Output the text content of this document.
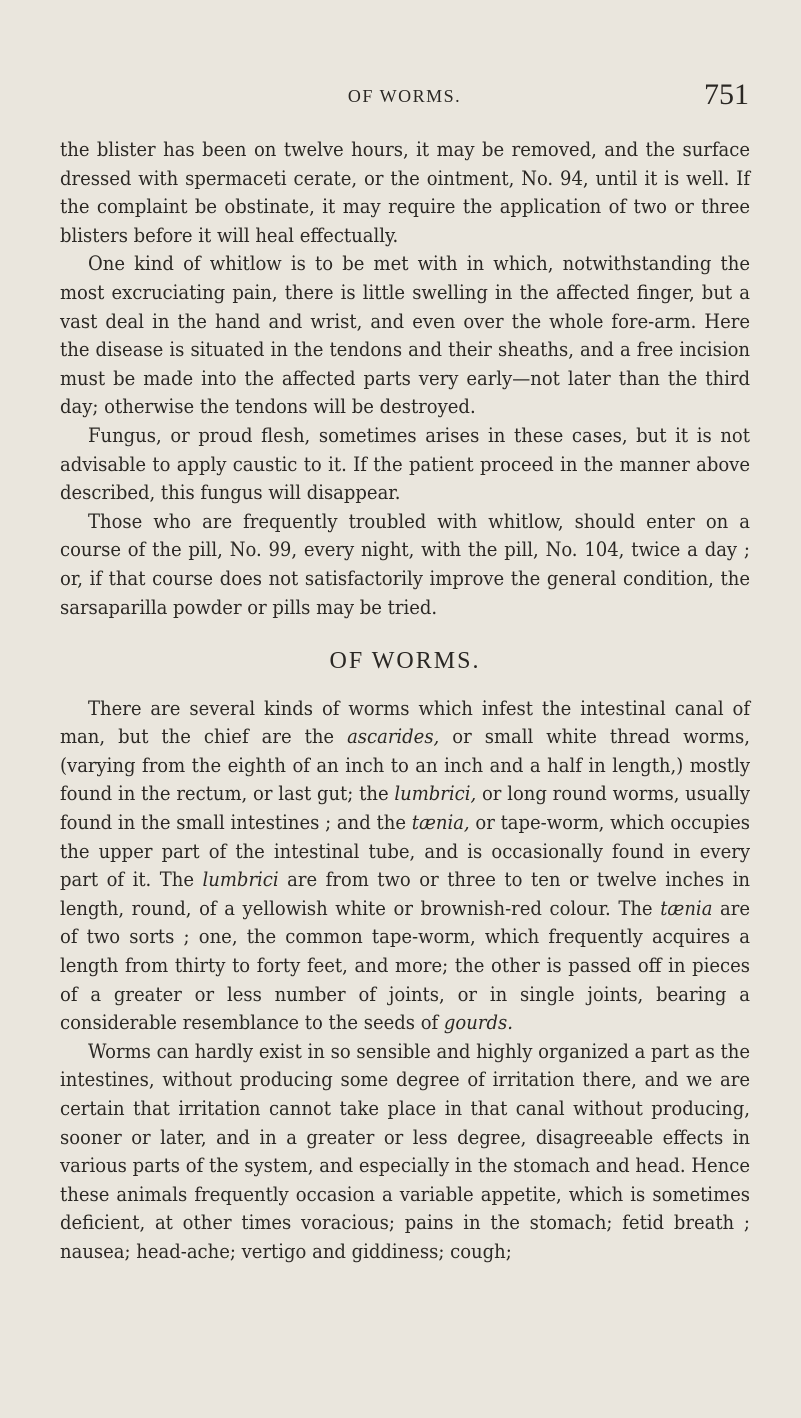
OF WORMS.	751

the blister has been on twelve hours, it may be removed, and the surface dressed with spermaceti cerate, or the ointment, No. 94, until it is well. If the complaint be obstinate, it may require the application of two or three blisters before it will heal effectually.

One kind of whitlow is to be met with in which, notwithstanding the most excruciating pain, there is little swelling in the affected finger, but a vast deal in the hand and wrist, and even over the whole fore-arm. Here the disease is situated in the tendons and their sheaths, and a free incision must be made into the affected parts very early—not later than the third day; otherwise the tendons will be destroyed.

Fungus, or proud flesh, sometimes arises in these cases, but it is not advisable to apply caustic to it. If the patient proceed in the manner above described, this fungus will disappear.

Those who are frequently troubled with whitlow, should enter on a course of the pill, No. 99, every night, with the pill, No. 104, twice a day ; or, if that course does not satisfactorily improve the general condition, the sarsaparilla powder or pills may be tried.

OF WORMS.

There are several kinds of worms which infest the intestinal canal of man, but the chief are the ascarides, or small white thread worms, (varying from the eighth of an inch to an inch and a half in length,) mostly found in the rectum, or last gut; the lumbrici, or long round worms, usually found in the small intestines ; and the tænia, or tape-worm, which occupies the upper part of the intestinal tube, and is occasionally found in every part of it. The lumbrici are from two or three to ten or twelve inches in length, round, of a yellowish white or brownish-red colour. The tænia are of two sorts ; one, the common tape-worm, which frequently acquires a length from thirty to forty feet, and more; the other is passed off in pieces of a greater or less number of joints, or in single joints, bearing a considerable resemblance to the seeds of gourds.

Worms can hardly exist in so sensible and highly organized a part as the intestines, without producing some degree of irritation there, and we are certain that irritation cannot take place in that canal without producing, sooner or later, and in a greater or less degree, disagreeable effects in various parts of the system, and especially in the stomach and head. Hence these animals frequently occasion a variable appetite, which is sometimes deficient, at other times voracious; pains in the stomach; fetid breath ; nausea; head-ache; vertigo and giddiness; cough;
